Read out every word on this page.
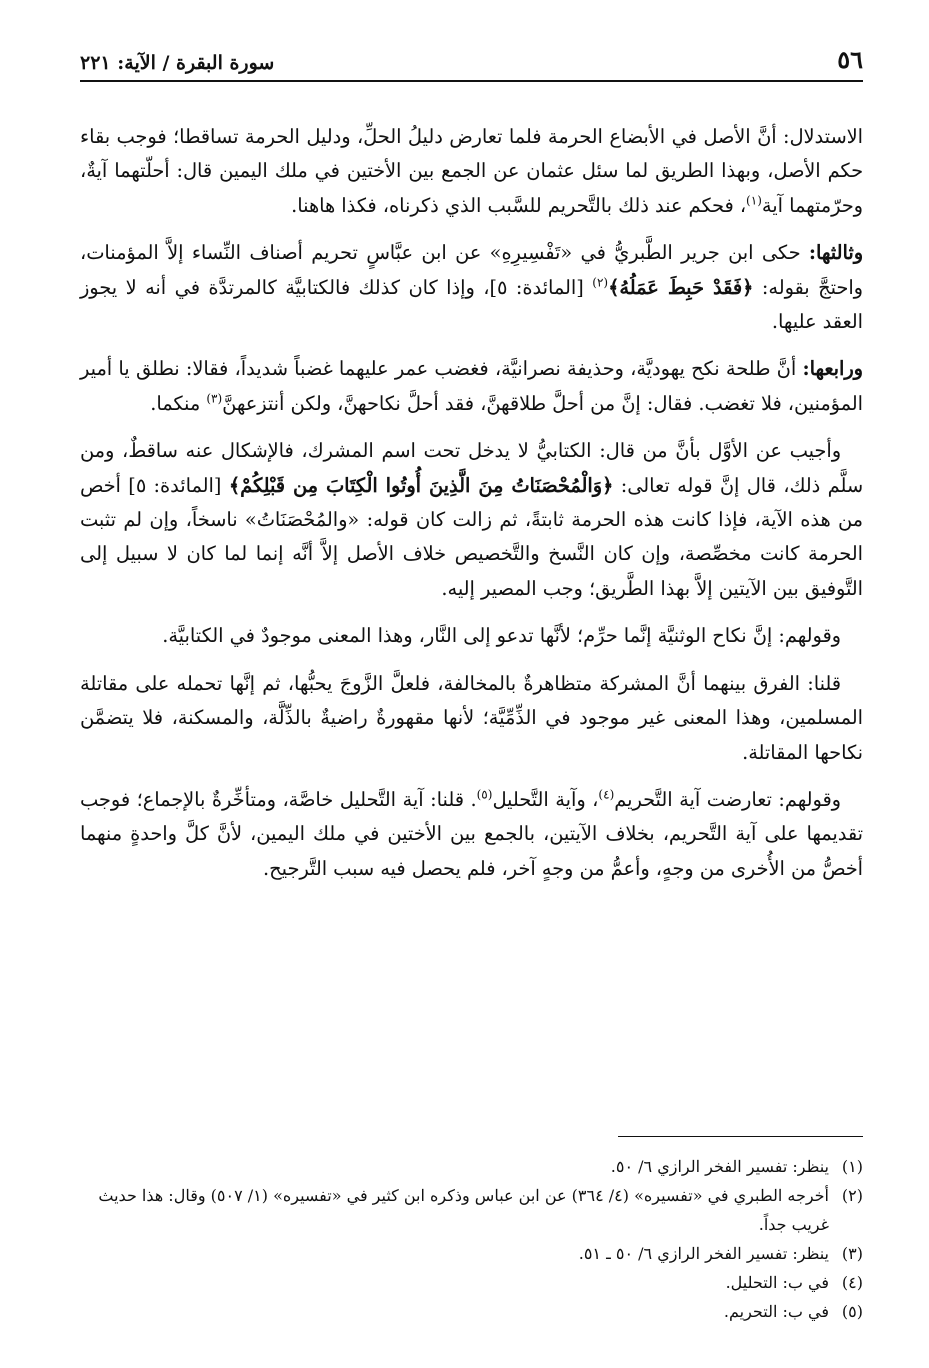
٥٦
سورة البقرة / الآية: ٢٢١

الاستدلال: أنَّ الأصل في الأبضاع الحرمة فلما تعارض دليلُ الحلِّ، ودليل الحرمة تساقطا؛ فوجب بقاء حكم الأصل، وبهذا الطريق لما سئل عثمان عن الجمع بين الأختين في ملك اليمين قال: أحلّتهما آيةٌ، وحرّمتهما آية$^{(١)}$، فحكم عند ذلك بالتَّحريم للسَّبب الذي ذكرناه، فكذا هاهنا.

وثالثها: حكى ابن جرير الطَّبريُّ في «تَفْسِيرِهِ» عن ابن عبَّاسٍ تحريم أصناف النِّساء إلاَّ المؤمنات، واحتجَّ بقوله: ﴿فَقَدْ حَبِطَ عَمَلُهُ﴾$^{(٢)}$ [المائدة: ٥]، وإذا كان كذلك فالكتابيَّة كالمرتدَّة في أنه لا يجوز العقد عليها.

ورابعها: أنَّ طلحة نكح يهوديَّة، وحذيفة نصرانيَّة، فغضب عمر عليهما غضباً شديداً، فقالا: نطلق يا أمير المؤمنين، فلا تغضب. فقال: إنَّ من أحلَّ طلاقهنَّ، فقد أحلَّ نكاحهنَّ، ولكن أنتزعهنَّ$^{(٣)}$ منكما.

وأجيب عن الأوَّل بأنَّ من قال: الكتابيُّ لا يدخل تحت اسم المشرك، فالإشكال عنه ساقطٌ، ومن سلَّم ذلك، قال إنَّ قوله تعالى: ﴿وَالْمُحْصَنَاتُ مِنَ الَّذِينَ أُوتُوا الْكِتَابَ مِن قَبْلِكُمْ﴾ [المائدة: ٥] أخص من هذه الآية، فإذا كانت هذه الحرمة ثابتةً، ثم زالت كان قوله: «والمُحْصَنَاتُ» ناسخاً، وإن لم تثبت الحرمة كانت مخصِّصة، وإن كان النَّسخ والتَّخصيص خلاف الأصل إلاَّ أنَّه إنما لما كان لا سبيل إلى التَّوفيق بين الآيتين إلاَّ بهذا الطَّريق؛ وجب المصير إليه.

وقولهم: إنَّ نكاح الوثنيَّة إنَّما حرِّم؛ لأنَّها تدعو إلى النَّار، وهذا المعنى موجودٌ في الكتابيَّة.

قلنا: الفرق بينهما أنَّ المشركة متظاهرةٌ بالمخالفة، فلعلَّ الزَّوجَ يحبُّها، ثم إنَّها تحمله على مقاتلة المسلمين، وهذا المعنى غير موجود في الذِّمِّيَّة؛ لأنها مقهورةٌ راضيةٌ بالذِّلَّة، والمسكنة، فلا يتضمَّن نكاحها المقاتلة.

وقولهم: تعارضت آية التَّحريم$^{(٤)}$، وآية التَّحليل$^{(٥)}$. قلنا: آية التَّحليل خاصَّة، ومتأخِّرةٌ بالإجماع؛ فوجب تقديمها على آية التَّحريم، بخلاف الآيتين، بالجمع بين الأختين في ملك اليمين، لأنَّ كلَّ واحدةٍ منهما أخصُّ من الأُخرى من وجهٍ، وأعمُّ من وجهٍ آخر، فلم يحصل فيه سبب التَّرجيح.

(١)
ينظر: تفسير الفخر الرازي ٦/ ٥٠.
(٢)
أخرجه الطبري في «تفسيره» (٤/ ٣٦٤) عن ابن عباس وذكره ابن كثير في «تفسيره» (١/ ٥٠٧) وقال: هذا حديث غريب جداً.
(٣)
ينظر: تفسير الفخر الرازي ٦/ ٥٠ ـ ٥١.
(٤)
في ب: التحليل.
(٥)
في ب: التحريم.
